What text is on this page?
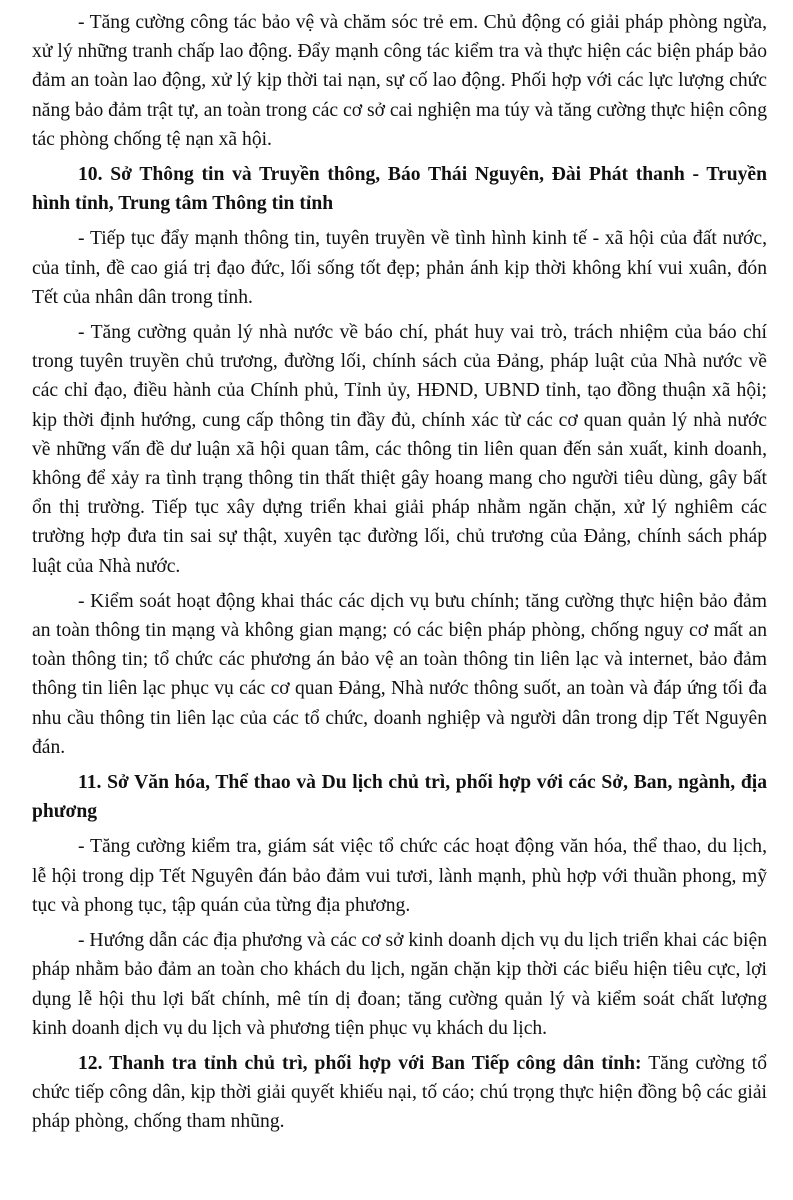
- Tăng cường công tác bảo vệ và chăm sóc trẻ em. Chủ động có giải pháp phòng ngừa, xử lý những tranh chấp lao động. Đẩy mạnh công tác kiểm tra và thực hiện các biện pháp bảo đảm an toàn lao động, xử lý kịp thời tai nạn, sự cố lao động. Phối hợp với các lực lượng chức năng bảo đảm trật tự, an toàn trong các cơ sở cai nghiện ma túy và tăng cường thực hiện công tác phòng chống tệ nạn xã hội.

10. Sở Thông tin và Truyền thông, Báo Thái Nguyên, Đài Phát thanh - Truyền hình tỉnh, Trung tâm Thông tin tỉnh

- Tiếp tục đẩy mạnh thông tin, tuyên truyền về tình hình kinh tế - xã hội của đất nước, của tỉnh, đề cao giá trị đạo đức, lối sống tốt đẹp; phản ánh kịp thời không khí vui xuân, đón Tết của nhân dân trong tỉnh.

- Tăng cường quản lý nhà nước về báo chí, phát huy vai trò, trách nhiệm của báo chí trong tuyên truyền chủ trương, đường lối, chính sách của Đảng, pháp luật của Nhà nước về các chỉ đạo, điều hành của Chính phủ, Tỉnh ủy, HĐND, UBND tỉnh, tạo đồng thuận xã hội; kịp thời định hướng, cung cấp thông tin đầy đủ, chính xác từ các cơ quan quản lý nhà nước về những vấn đề dư luận xã hội quan tâm, các thông tin liên quan đến sản xuất, kinh doanh, không để xảy ra tình trạng thông tin thất thiệt gây hoang mang cho người tiêu dùng, gây bất ổn thị trường. Tiếp tục xây dựng triển khai giải pháp nhằm ngăn chặn, xử lý nghiêm các trường hợp đưa tin sai sự thật, xuyên tạc đường lối, chủ trương của Đảng, chính sách pháp luật của Nhà nước.

- Kiểm soát hoạt động khai thác các dịch vụ bưu chính; tăng cường thực hiện bảo đảm an toàn thông tin mạng và không gian mạng; có các biện pháp phòng, chống nguy cơ mất an toàn thông tin; tổ chức các phương án bảo vệ an toàn thông tin liên lạc và internet, bảo đảm thông tin liên lạc phục vụ các cơ quan Đảng, Nhà nước thông suốt, an toàn và đáp ứng tối đa nhu cầu thông tin liên lạc của các tổ chức, doanh nghiệp và người dân trong dịp Tết Nguyên đán.

11. Sở Văn hóa, Thể thao và Du lịch chủ trì, phối hợp với các Sở, Ban, ngành, địa phương

- Tăng cường kiểm tra, giám sát việc tổ chức các hoạt động văn hóa, thể thao, du lịch, lễ hội trong dịp Tết Nguyên đán bảo đảm vui tươi, lành mạnh, phù hợp với thuần phong, mỹ tục và phong tục, tập quán của từng địa phương.

- Hướng dẫn các địa phương và các cơ sở kinh doanh dịch vụ du lịch triển khai các biện pháp nhằm bảo đảm an toàn cho khách du lịch, ngăn chặn kịp thời các biểu hiện tiêu cực, lợi dụng lễ hội thu lợi bất chính, mê tín dị đoan; tăng cường quản lý và kiểm soát chất lượng kinh doanh dịch vụ du lịch và phương tiện phục vụ khách du lịch.

12. Thanh tra tỉnh chủ trì, phối hợp với Ban Tiếp công dân tỉnh: Tăng cường tổ chức tiếp công dân, kịp thời giải quyết khiếu nại, tố cáo; chú trọng thực hiện đồng bộ các giải pháp phòng, chống tham nhũng.
